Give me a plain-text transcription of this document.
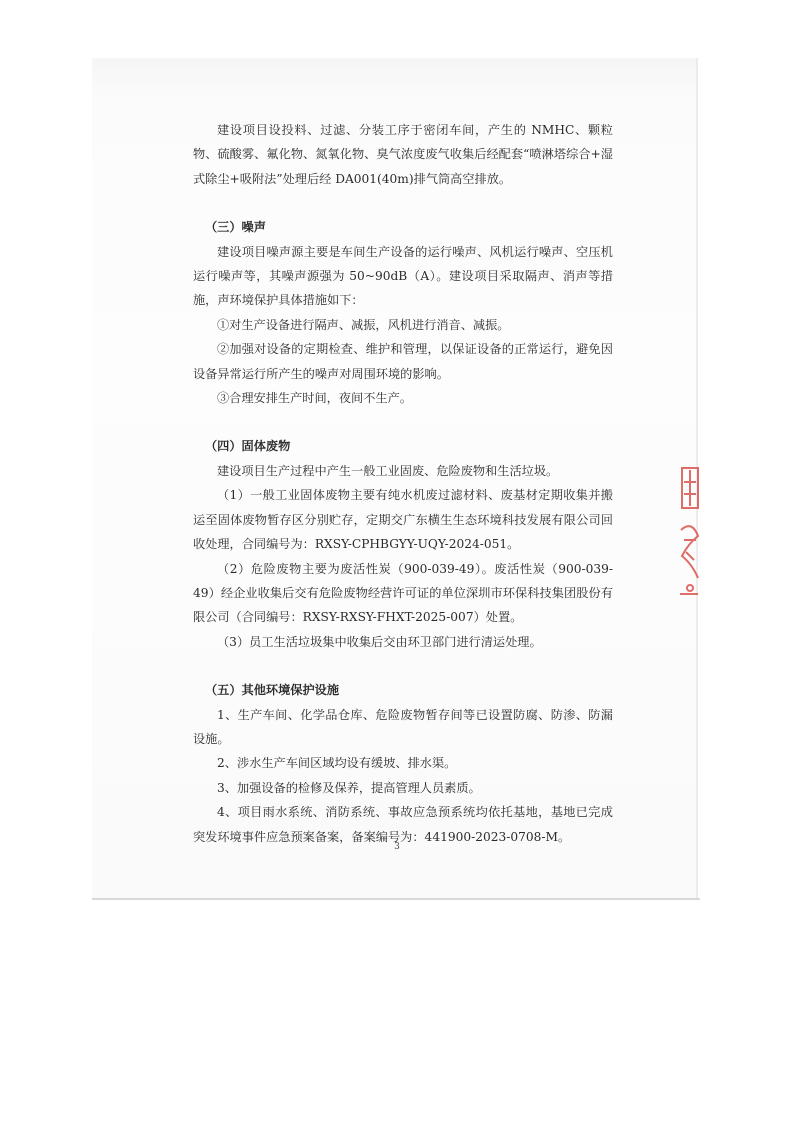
建设项目设投料、过滤、分装工序于密闭车间，产生的 NMHC、颗粒物、硫酸雾、氟化物、氮氧化物、臭气浓度废气收集后经配套“喷淋塔综合+湿式除尘+吸附法”处理后经 DA001(40m)排气筒高空排放。

（三）噪声

建设项目噪声源主要是车间生产设备的运行噪声、风机运行噪声、空压机运行噪声等，其噪声源强为 50~90dB（A）。建设项目采取隔声、消声等措施，声环境保护具体措施如下：

①对生产设备进行隔声、减振，风机进行消音、减振。

②加强对设备的定期检查、维护和管理，以保证设备的正常运行，避免因设备异常运行所产生的噪声对周围环境的影响。

③合理安排生产时间，夜间不生产。

（四）固体废物

建设项目生产过程中产生一般工业固废、危险废物和生活垃圾。

（1）一般工业固体废物主要有纯水机废过滤材料、废基材定期收集并搬运至固体废物暂存区分别贮存，定期交广东横生生态环境科技发展有限公司回收处理，合同编号为：RXSY-CPHBGYY-UQY-2024-051。

（2）危险废物主要为废活性炭（900-039-49）。废活性炭（900-039-49）经企业收集后交有危险废物经营许可证的单位深圳市环保科技集团股份有限公司（合同编号：RXSY-RXSY-FHXT-2025-007）处置。

（3）员工生活垃圾集中收集后交由环卫部门进行清运处理。

（五）其他环境保护设施

1、生产车间、化学品仓库、危险废物暂存间等已设置防腐、防渗、防漏设施。

2、涉水生产车间区域均设有缓坡、排水渠。

3、加强设备的检修及保养，提高管理人员素质。

4、项目雨水系统、消防系统、事故应急预系统均依托基地，基地已完成突发环境事件应急预案备案，备案编号为：441900-2023-0708-M。

3
